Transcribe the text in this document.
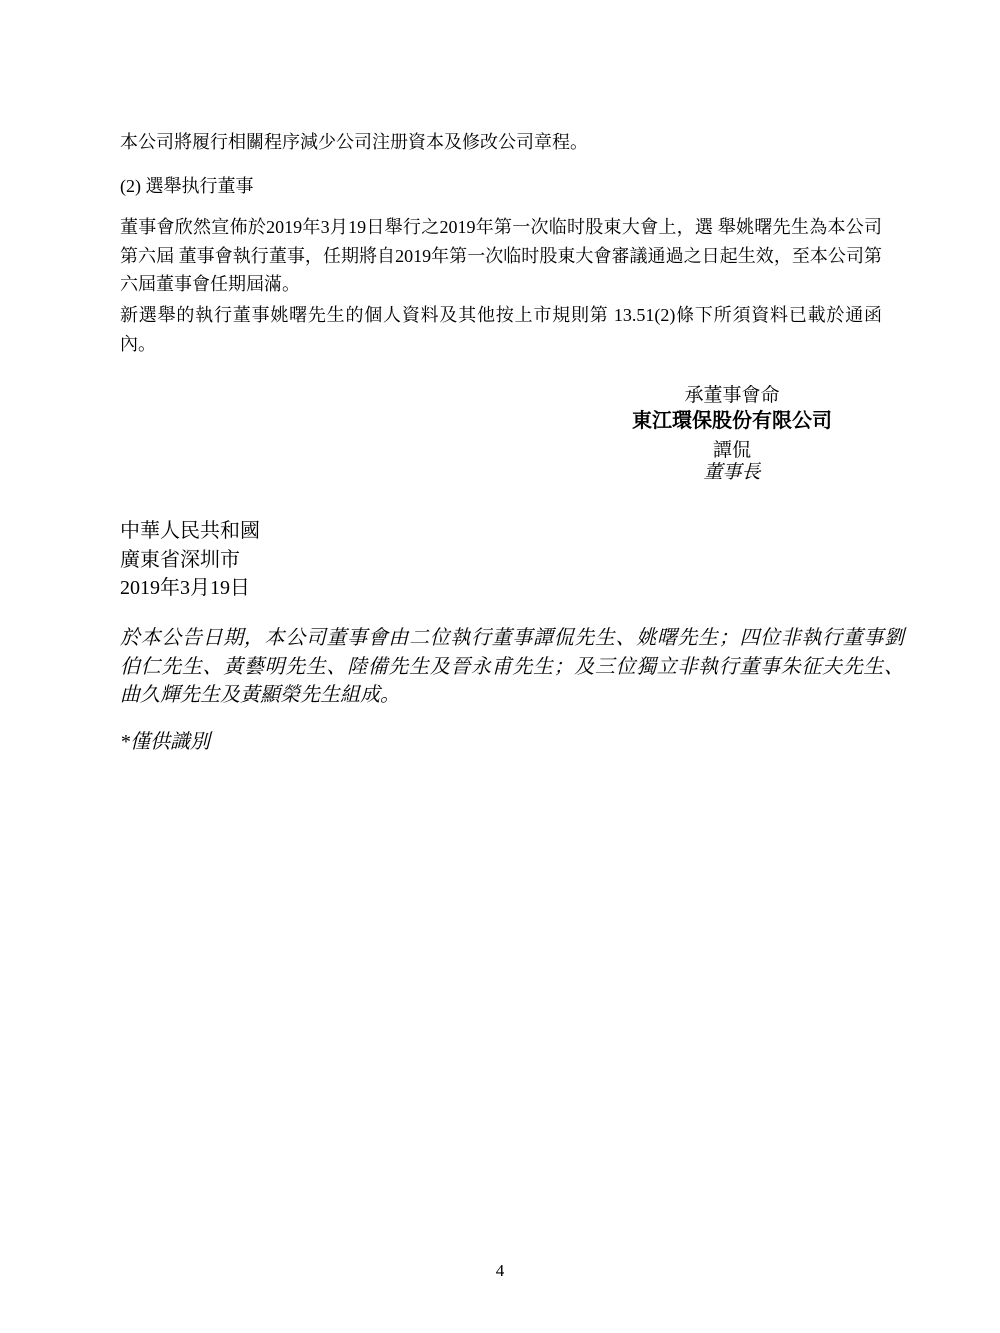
本公司將履行相關程序減少公司注册資本及修改公司章程。
(2) 選舉执行董事
董事會欣然宣佈於2019年3月19日舉行之2019年第一次临时股東大會上，選 舉姚曙先生為本公司
第六屆 董事會執行董事，任期將自2019年第一次临时股東大會審議通過之日起生效，至本公司第
六屆董事會任期屆滿。
新選舉的執行董事姚曙先生的個人資料及其他按上市規則第 13.51(2)條下所須資料已載於通函
內。
承董事會命
東江環保股份有限公司
譚侃
董事長
中華人民共和國
廣東省深圳市
2019年3月19日
於本公告日期，本公司董事會由二位執行董事譚侃先生、姚曙先生；四位非執行董事劉
伯仁先生、黃藝明先生、陸備先生及晉永甫先生；及三位獨立非執行董事朱征夫先生、
曲久輝先生及黃顯榮先生組成。
*僅供識別
4
